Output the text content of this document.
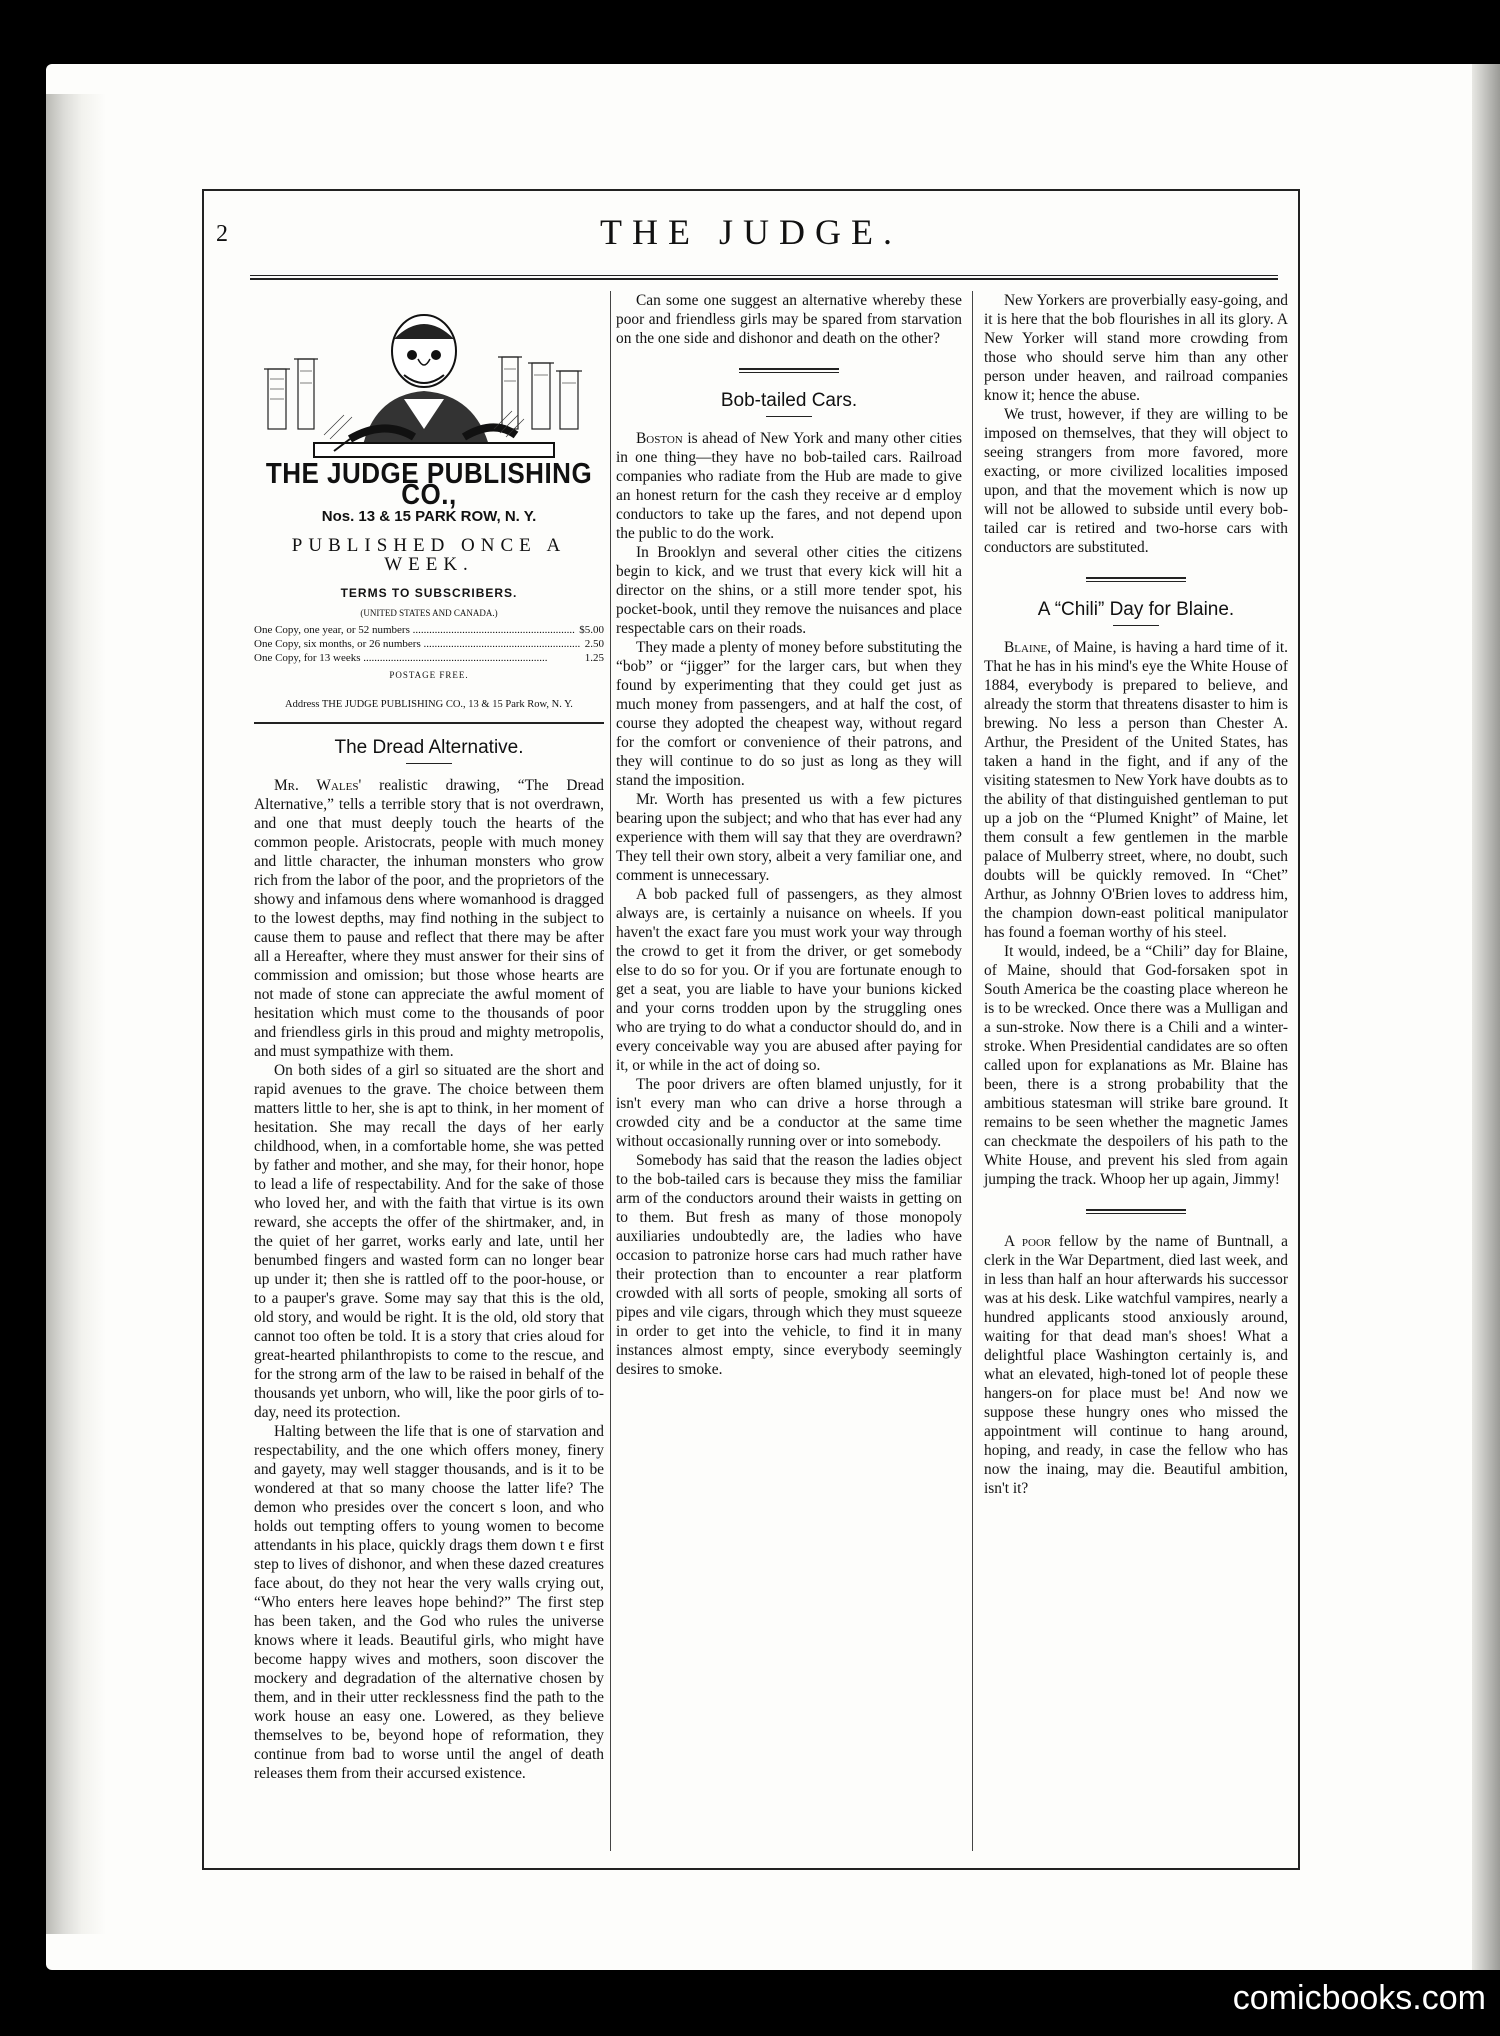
2	THE JUDGE.
THE JUDGE PUBLISHING CO.,
Nos. 13 & 15 PARK ROW, N. Y.
PUBLISHED ONCE A WEEK.
TERMS TO SUBSCRIBERS.
(UNITED STATES AND CANADA.)
One Copy, one year, or 52 numbers .....	$5.00
One Copy, six months, or 26 numbers .....	2.50
One Copy, for 13 weeks .....	1.25
POSTAGE FREE.
Address THE JUDGE PUBLISHING CO., 13 & 15 Park Row, N. Y.
The Dread Alternative.

Mr. Wales' realistic drawing, “The Dread Alternative,” tells a terrible story that is not overdrawn, and one that must deeply touch the hearts of the common people. Aristocrats, people with much money and little character, the inhuman monsters who grow rich from the labor of the poor, and the proprietors of the showy and infamous dens where womanhood is dragged to the lowest depths, may find nothing in the subject to cause them to pause and reflect that there may be after all a Hereafter, where they must answer for their sins of commission and omission; but those whose hearts are not made of stone can appreciate the awful moment of hesitation which must come to the thousands of poor and friendless girls in this proud and mighty metropolis, and must sympathize with them.

On both sides of a girl so situated are the short and rapid avenues to the grave. The choice between them matters little to her, she is apt to think, in her moment of hesitation. She may recall the days of her early childhood, when, in a comfortable home, she was petted by father and mother, and she may, for their honor, hope to lead a life of respectability. And for the sake of those who loved her, and with the faith that virtue is its own reward, she accepts the offer of the shirtmaker, and, in the quiet of her garret, works early and late, until her benumbed fingers and wasted form can no longer bear up under it; then she is rattled off to the poor-house, or to a pauper's grave. Some may say that this is the old, old story, and would be right. It is the old, old story that cannot too often be told. It is a story that cries aloud for great-hearted philanthropists to come to the rescue, and for the strong arm of the law to be raised in behalf of the thousands yet unborn, who will, like the poor girls of to-day, need its protection.

Halting between the life that is one of starvation and respectability, and the one which offers money, finery and gayety, may well stagger thousands, and is it to be wondered at that so many choose the latter life? The demon who presides over the concert s loon, and who holds out tempting offers to young women to become attendants in his place, quickly drags them down t e first step to lives of dishonor, and when these dazed creatures face about, do they not hear the very walls crying out, “Who enters here leaves hope behind?” The first step has been taken, and the God who rules the universe knows where it leads. Beautiful girls, who might have become happy wives and mothers, soon discover the mockery and degradation of the alternative chosen by them, and in their utter recklessness find the path to the work house an easy one. Lowered, as they believe themselves to be, beyond hope of reformation, they continue from bad to worse until the angel of death releases them from their accursed existence.

Can some one suggest an alternative whereby these poor and friendless girls may be spared from starvation on the one side and dishonor and death on the other?

Bob-tailed Cars.

Boston is ahead of New York and many other cities in one thing—they have no bob-tailed cars. Railroad companies who radiate from the Hub are made to give an honest return for the cash they receive ar d employ conductors to take up the fares, and not depend upon the public to do the work.

In Brooklyn and several other cities the citizens begin to kick, and we trust that every kick will hit a director on the shins, or a still more tender spot, his pocket-book, until they remove the nuisances and place respectable cars on their roads.

They made a plenty of money before substituting the “bob” or “jigger” for the larger cars, but when they found by experimenting that they could get just as much money from passengers, and at half the cost, of course they adopted the cheapest way, without regard for the comfort or convenience of their patrons, and they will continue to do so just as long as they will stand the imposition.

Mr. Worth has presented us with a few pictures bearing upon the subject; and who that has ever had any experience with them will say that they are overdrawn? They tell their own story, albeit a very familiar one, and comment is unnecessary.

A bob packed full of passengers, as they almost always are, is certainly a nuisance on wheels. If you haven't the exact fare you must work your way through the crowd to get it from the driver, or get somebody else to do so for you. Or if you are fortunate enough to get a seat, you are liable to have your bunions kicked and your corns trodden upon by the struggling ones who are trying to do what a conductor should do, and in every conceivable way you are abused after paying for it, or while in the act of doing so.

The poor drivers are often blamed unjustly, for it isn't every man who can drive a horse through a crowded city and be a conductor at the same time without occasionally running over or into somebody.

Somebody has said that the reason the ladies object to the bob-tailed cars is because they miss the familiar arm of the conductors around their waists in getting on to them. But fresh as many of those monopoly auxiliaries undoubtedly are, the ladies who have occasion to patronize horse cars had much rather have their protection than to encounter a rear platform crowded with all sorts of people, smoking all sorts of pipes and vile cigars, through which they must squeeze in order to get into the vehicle, to find it in many instances almost empty, since everybody seemingly desires to smoke.

New Yorkers are proverbially easy-going, and it is here that the bob flourishes in all its glory. A New Yorker will stand more crowding from those who should serve him than any other person under heaven, and railroad companies know it; hence the abuse.

We trust, however, if they are willing to be imposed on themselves, that they will object to seeing strangers from more favored, more exacting, or more civilized localities imposed upon, and that the movement which is now up will not be allowed to subside until every bob-tailed car is retired and two-horse cars with conductors are substituted.

A “Chili” Day for Blaine.

Blaine, of Maine, is having a hard time of it. That he has in his mind's eye the White House of 1884, everybody is prepared to believe, and already the storm that threatens disaster to him is brewing. No less a person than Chester A. Arthur, the President of the United States, has taken a hand in the fight, and if any of the visiting statesmen to New York have doubts as to the ability of that distinguished gentleman to put up a job on the “Plumed Knight” of Maine, let them consult a few gentlemen in the marble palace of Mulberry street, where, no doubt, such doubts will be quickly removed. In “Chet” Arthur, as Johnny O'Brien loves to address him, the champion down-east political manipulator has found a foeman worthy of his steel.

It would, indeed, be a “Chili” day for Blaine, of Maine, should that God-forsaken spot in South America be the coasting place whereon he is to be wrecked. Once there was a Mulligan and a sun-stroke. Now there is a Chili and a winter-stroke. When Presidential candidates are so often called upon for explanations as Mr. Blaine has been, there is a strong probability that the ambitious statesman will strike bare ground. It remains to be seen whether the magnetic James can checkmate the despoilers of his path to the White House, and prevent his sled from again jumping the track. Whoop her up again, Jimmy!

A poor fellow by the name of Buntnall, a clerk in the War Department, died last week, and in less than half an hour afterwards his successor was at his desk. Like watchful vampires, nearly a hundred applicants stood anxiously around, waiting for that dead man's shoes! What a delightful place Washington certainly is, and what an elevated, high-toned lot of people these hangers-on for place must be! And now we suppose these hungry ones who missed the appointment will continue to hang around, hoping, and ready, in case the fellow who has now the inaing, may die. Beautiful ambition, isn't it?

comicbooks.com
